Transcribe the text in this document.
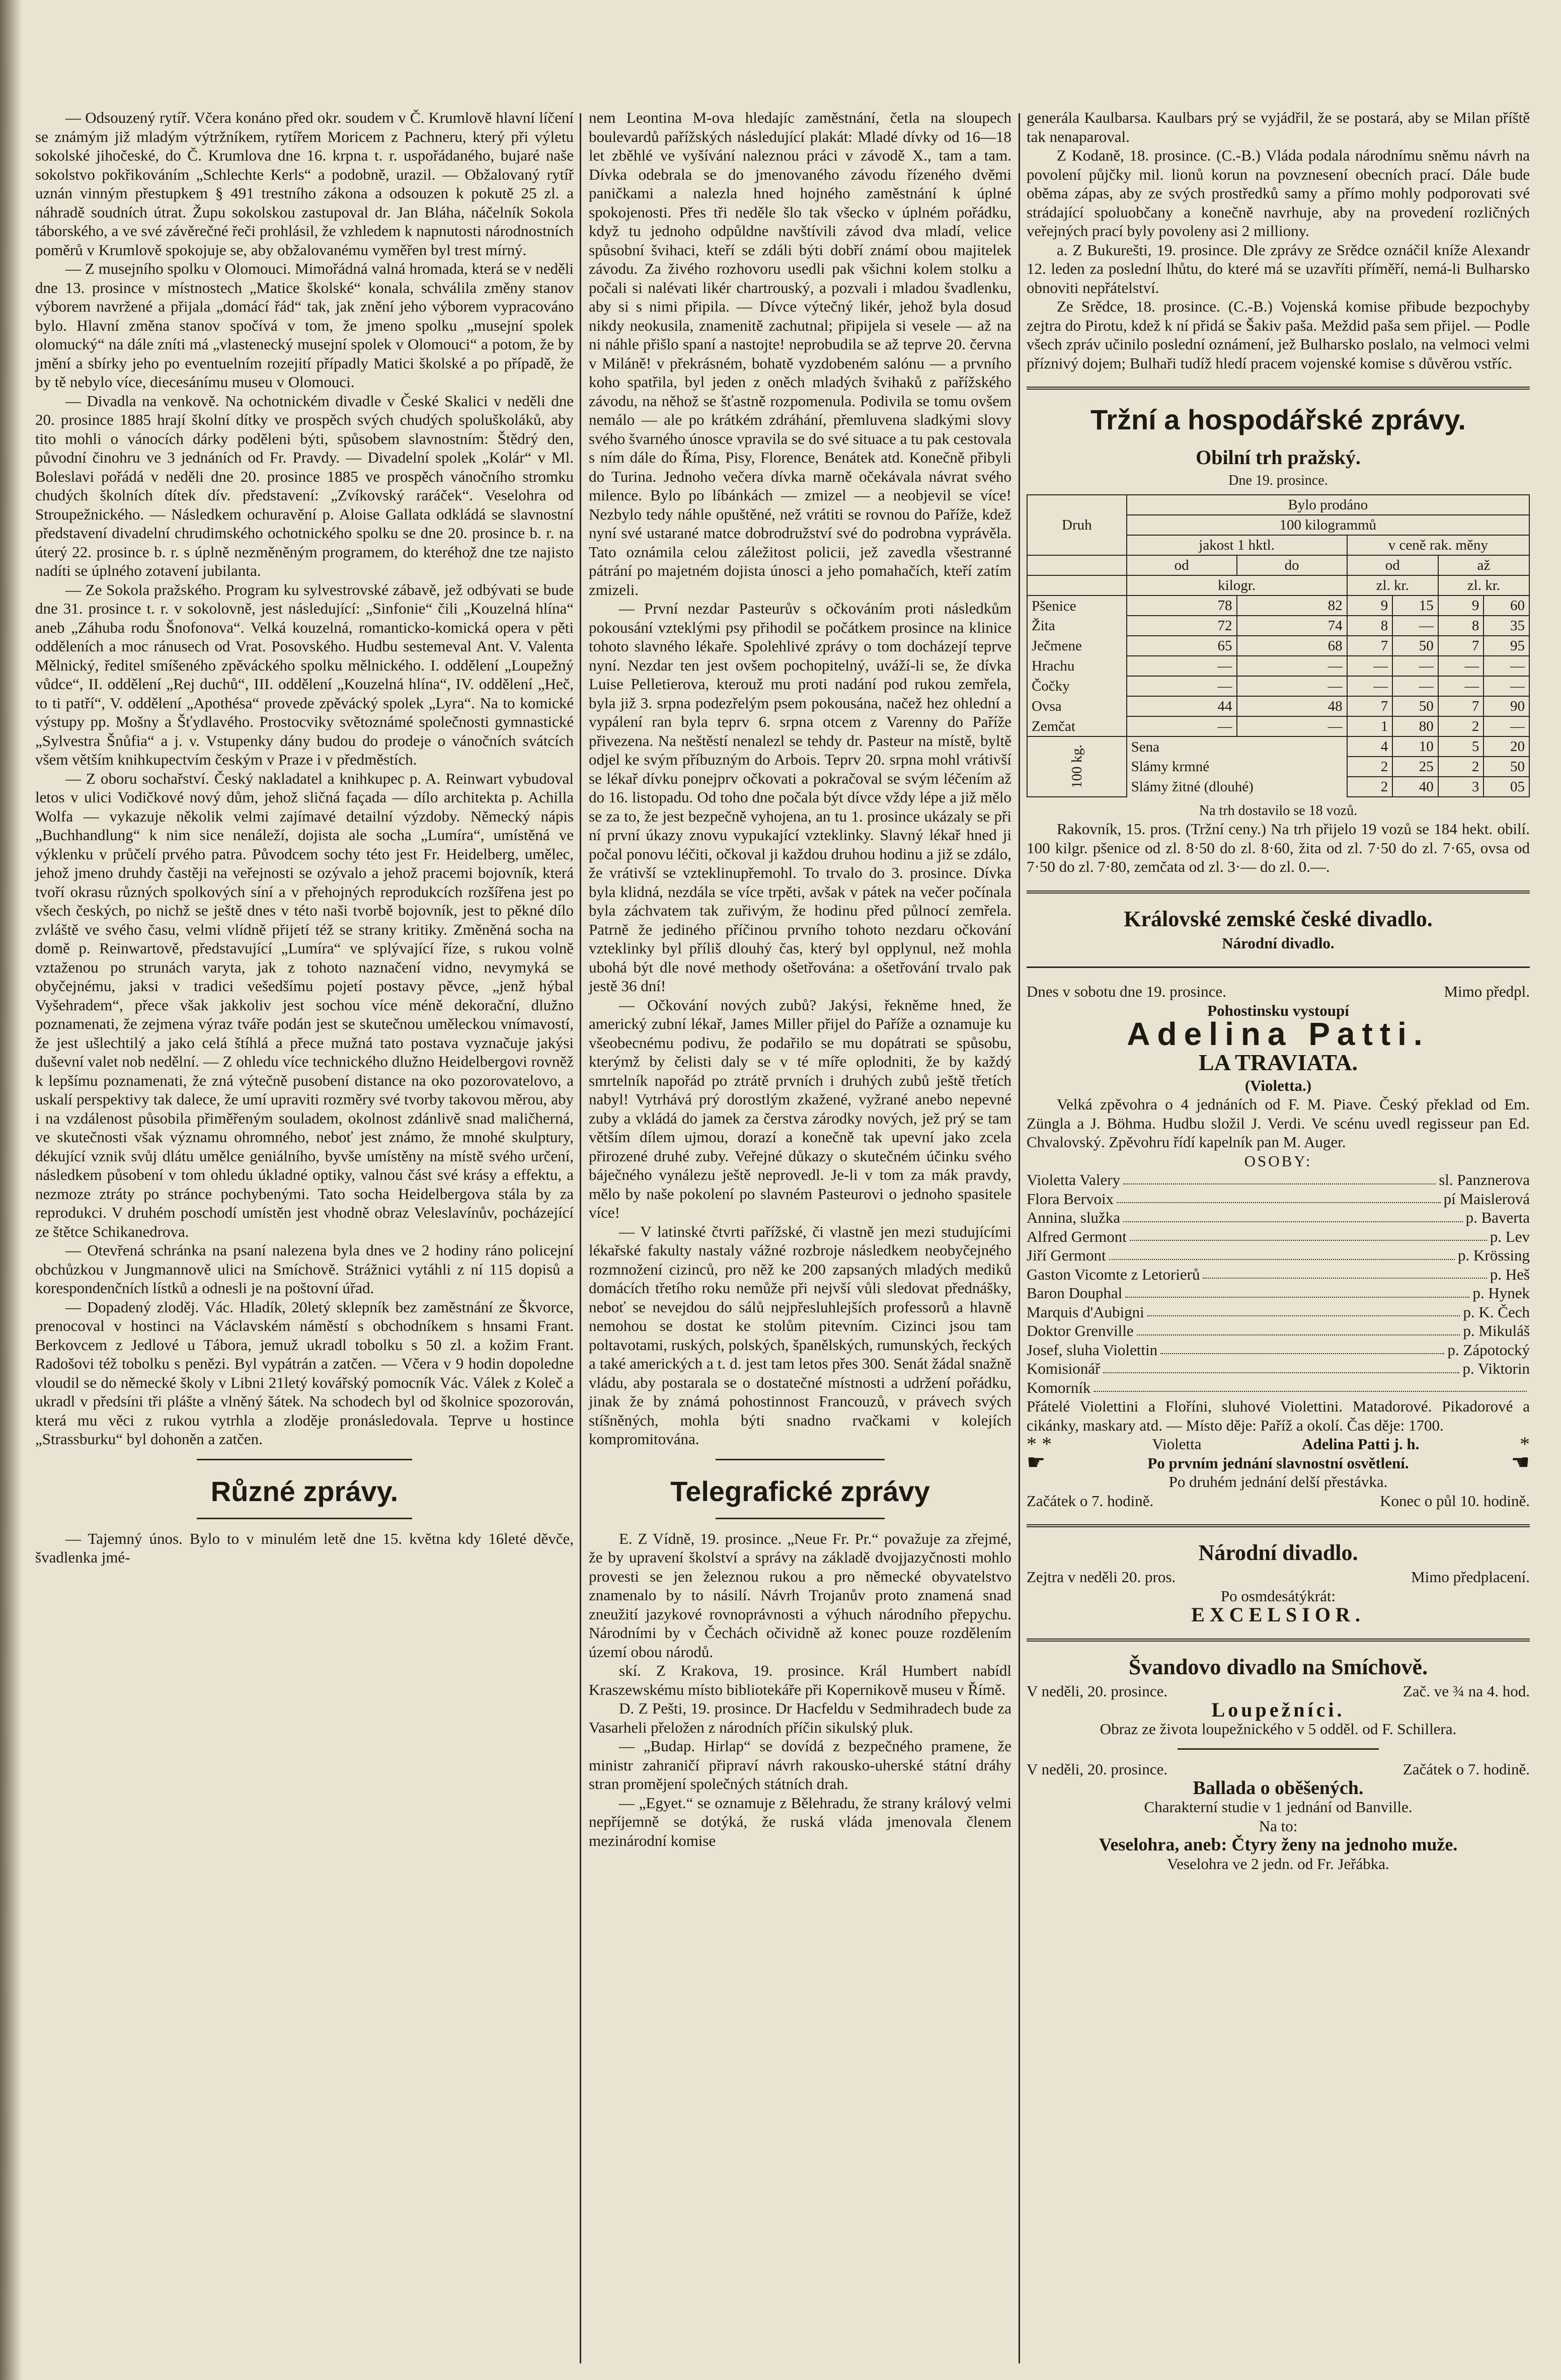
— Odsouzený rytíř. Včera konáno před okr. soudem v Č. Krumlově hlavní líčení se známým již mladým výtržníkem, rytířem Moricem z Pachneru, který při výletu sokolské jihočeské, do Č. Krumlova dne 16. krpna t. r. uspořádaného, bujaré naše sokolstvo pokřikováním „Schlechte Kerls“ a podobně, urazil. — Obžalovaný rytíř uznán vinným přestupkem § 491 trestního zákona a odsouzen k pokutě 25 zl. a náhradě soudních útrat. Župu sokolskou zastupoval dr. Jan Bláha, náčelník Sokola táborského, a ve své závěrečné řeči prohlásil, že vzhledem k napnutosti národnostních poměrů v Krumlově spokojuje se, aby obžalovanému vyměřen byl trest mírný.

— Z musejního spolku v Olomouci. Mimořádná valná hromada, která se v neděli dne 13. prosince v místnostech „Matice školské“ konala, schválila změny stanov výborem navržené a přijala „domácí řád“ tak, jak znění jeho výborem vypracováno bylo. Hlavní změna stanov spočívá v tom, že jmeno spolku „musejní spolek olomucký“ na dále zníti má „vlastenecký musejní spolek v Olomouci“ a potom, že by jmění a sbírky jeho po eventuelním rozejití případly Matici školské a po případě, že by tě nebylo více, diecesánímu museu v Olomouci.

— Divadla na venkově. Na ochotnickém divadle v České Skalici v neděli dne 20. prosince 1885 hrají školní dítky ve prospěch svých chudých spoluškoláků, aby tito mohli o vánocích dárky poděleni býti, spůsobem slavnostním: Štědrý den, původní činohru ve 3 jednáních od Fr. Pravdy. — Divadelní spolek „Kolár“ v Ml. Boleslavi pořádá v neděli dne 20. prosince 1885 ve prospěch vánočního stromku chudých školních dítek dív. představení: „Zvíkovský raráček“. Veselohra od Stroupežnického. — Následkem ochuravění p. Aloise Gallata odkládá se slavnostní představení divadelní chrudimského ochotnického spolku se dne 20. prosince b. r. na úterý 22. prosince b. r. s úplně nezměněným programem, do kterého̜ž dne tze najisto nadíti se úplného zotavení jubilanta.

— Ze Sokola pražského. Program ku sylvestrovské zábavě, jež odbývati se bude dne 31. prosince t. r. v sokolovně, jest následující: „Sinfonie“ čili „Kouzelná hlína“ aneb „Záhuba rodu Šnofonova“. Velká kouzelná, romanticko-komická opera v pěti odděleních a moc ránusech od Vrat. Posovského. Hudbu sestemeval Ant. V. Valenta Mělnický, ředitel smíšeného zpěváckého spolku mělnického. I. oddělení „Loupežný vůdce“, II. oddělení „Rej duchů“, III. oddělení „Kouzelná hlína“, IV. oddělení „Heč, to ti patří“, V. oddělení „Apothésa“ provede zpěvácký spolek „Lyra“. Na to komické výstupy pp. Mošny a Šťydlavého. Prostocviky světoznámé společnosti gymnastické „Sylvestra Šnůfia“ a j. v. Vstupenky dány budou do prodeje o vánočních svátcích všem větším knihkupectvím českým v Praze i v předměstích.

— Z oboru sochařství. Český nakladatel a knihkupec p. A. Reinwart vybudoval letos v ulici Vodičkové nový dům, jehož sličná façada — dílo architekta p. Achilla Wolfa — vykazuje několik velmi zajímavé detailní výzdoby. Německý nápis „Buchhandlung“ k nim sice nenáleží, dojista ale socha „Lumíra“, umístěná ve výklenku v průčelí prvého patra. Původcem sochy této jest Fr. Heidelberg, umělec, jehož jmeno druhdy častěji na veřejnosti se ozývalo a jehož pracemi bojovník, která tvoří okrasu různých spolkových síní a v přehojných reprodukcích rozšířena jest po všech českých, po nichž se ještě dnes v této naši tvorbě bojovník, jest to pěkné dílo zvláště ve svého času, velmi vlídně přijetí též se strany kritiky. Změněná socha na domě p. Reinwartově, představující „Lumíra“ ve splývající říze, s rukou volně vztaženou po strunách varyta, jak z tohoto naznačení vidno, nevymyká se obyčejnému, jaksi v tradici vešedšímu pojetí postavy pěvce, „jenž hýbal Vyšehradem“, přece však jakkoliv jest sochou více méně dekorační, dlužno poznamenati, že zejmena výraz tváře podán jest se skutečnou uměleckou vnímavostí, že jest ušlechtilý a jako celá štíhlá a přece mužná tato postava vyznačuje jakýsi duševní valet nob nedělní. — Z ohledu více technického dlužno Heidelbergovi rovněž k lepšímu poznamenati, že zná výtečně pusobení distance na oko pozorovatelovo, a uskalí perspektivy tak dalece, že umí upraviti rozměry své tvorby takovou měrou, aby i na vzdálenost působila přiměřeným souladem, okolnost zdánlivě snad maličherná, ve skutečnosti však významu ohromného, neboť jest známo, že mnohé skulptury, dékující vznik svůj dlátu umělce geniálního, byvše umístěny na místě svého určení, následkem působení v tom ohledu úkladné optiky, valnou část své krásy a effektu, a nezmoze ztráty po stránce pochybenými. Tato socha Heidelbergova stála by za reprodukci. V druhém poschodí umístěn jest vhodně obraz Veleslavínův, pocházející ze štětce Schikanedrova.

— Otevřená schránka na psaní nalezena byla dnes ve 2 hodiny ráno policejní obchůzkou v Jungmannově ulici na Smíchově. Strážnici vytáhli z ní 115 dopisů a korespondenčních lístků a odnesli je na poštovní úřad.

— Dopadený zloděj. Vác. Hladík, 20letý sklepník bez zaměstnání ze Škvorce, prenocoval v hostinci na Václavském náměstí s obchodníkem s hnsami Frant. Berkovcem z Jedlové u Tábora, jemuž ukradl tobolku s 50 zl. a kožim Frant. Radošovi též tobolku s penězi. Byl vypátrán a zatčen. — Včera v 9 hodin dopoledne vloudil se do německé školy v Libni 21letý kovářský pomocník Vác. Válek z Koleč a ukradl v předsíni tři plášte a vlněný šátek. Na schodech byl od školnice spozorován, která mu věci z rukou vytrhla a zloděje pronásledovala. Teprve u hostince „Strassburku“ byl dohoněn a zatčen.

Různé zprávy.

— Tajemný únos. Bylo to v minulém letě dne 15. května kdy 16leté děvče, švadlenka jmé-

nem Leontina M-ova hledajíc zaměstnání, četla na sloupech boulevardů pařížských následující plakát: Mladé dívky od 16—18 let zběhlé ve vyšívání naleznou práci v závodě X., tam a tam. Dívka odebrala se do jmenovaného závodu řízeného dvěmi paničkami a nalezla hned hojného zaměstnání k úplné spokojenosti. Přes tři neděle šlo tak všecko v úplném pořádku, když tu jednoho odpůldne navštívili závod dva mladí, velice spůsobní švihaci, kteří se zdáli býti dobří známí obou majitelek závodu. Za živého rozhovoru usedli pak všichni kolem stolku a počali si nalévati likér chartrouský, a pozvali i mladou švadlenku, aby si s nimi připila. — Dívce výtečný likér, jehož byla dosud nikdy neokusila, znamenitě zachutnal; připijela si vesele — až na ni náhle přišlo spaní a nastojte! neprobudila se až teprve 20. června v Miláně! v překrásném, bohatě vyzdobeném salónu — a prvního koho spatřila, byl jeden z oněch mladých švihaků z pařížského závodu, na něhož se šťastně rozpomenula. Podivila se tomu ovšem nemálo — ale po krátkém zdráhání, přemluvena sladkými slovy svého švarného únosce vpravila se do své situace a tu pak cestovala s ním dále do Říma, Pisy, Florence, Benátek atd. Konečně přibyli do Turina. Jednoho večera dívka marně očekávala návrat svého milence. Bylo po líbánkách — zmizel — a neobjevil se více! Nezbylo tedy náhle opuštěné, než vrátiti se rovnou do Paříže, kdež nyní své ustarané matce dobrodružství své do podrobna vyprávěla. Tato oznámila celou záležitost policii, jež zavedla všestranné pátrání po majetném dojista únosci a jeho pomahačích, kteří zatím zmizeli.

— První nezdar Pasteurův s očkováním proti následkům pokousání vzteklými psy přihodil se počátkem prosince na klinice tohoto slavného lékaře. Spolehlivé zprávy o tom docházejí teprve nyní. Nezdar ten jest ovšem pochopitelný, uváží-li se, že dívka Luise Pelletierova, kterouž mu proti nadání pod rukou zemřela, byla již 3. srpna podezřelým psem pokousána, načež hez ohlední a vypálení ran byla teprv 6. srpna otcem z Varenny do Paříže přivezena. Na neštěstí nenalezl se tehdy dr. Pasteur na místě, byltě odjel ke svým příbuzným do Arbois. Teprv 20. srpna mohl vrátivší se lékař dívku ponejprv očkovati a pokračoval se svým léčením až do 16. listopadu. Od toho dne počala být dívce vždy lépe a již mělo se za to, že jest bezpečně vyhojena, an tu 1. prosince ukázaly se při ní první úkazy znovu vypukající vzteklinky. Slavný lékař hned ji počal ponovu léčiti, očkoval ji každou druhou hodinu a již se zdálo, že vrátivší se vzteklinupřemohl. To trvalo do 3. prosince. Dívka byla klidná, nezdála se více trpěti, avšak v pátek na večer počínala byla záchvatem tak zuřivým, že hodinu před půlnocí zemřela. Patrně že jediného příčinou prvního tohoto nezdaru očkování vzteklinky byl příliš dlouhý čas, který byl opplynul, než mohla ubohá být dle nové methody ošetřována: a ošetřování trvalo pak jestě 36 dní!

— Očkování nových zubů? Jakýsi, řekněme hned, že americký zubní lékař, James Miller přijel do Paříže a oznamuje ku všeobecnému podivu, že podařilo se mu dopátrati se spůsobu, kterýmž by čelisti daly se v té míře oplodniti, že by každý smrtelník napořád po ztrátě prvních i druhých zubů ještě třetích nabyl! Vytrhává prý dorostlým zkažené, vyžrané anebo nepevné zuby a vkládá do jamek za čerstva zárodky nových, jež prý se tam větším dílem ujmou, dorazí a konečně tak upevní jako zcela přirozené druhé zuby. Veřejné důkazy o skutečném účinku svého báječného vynálezu ještě neprovedl. Je-li v tom za mák pravdy, mělo by naše pokolení po slavném Pasteurovi o jednoho spasitele více!

— V latinské čtvrti pařížské, či vlastně jen mezi studujícími lékařské fakulty nastaly vážné rozbroje následkem neobyčejného rozmnožení cizinců, pro něž ke 200 zapsaných mladých mediků domácích třetího roku nemůže při nejvší vůli sledovat přednášky, neboť se nevejdou do sálů nejpřesluhlejších professorů a hlavně nemohou se dostat ke stolům pitevním. Cizinci jsou tam poltavotami, ruských, polských, španělských, rumunských, řeckých a také amerických a t. d. jest tam letos přes 300. Senát žádal snažně vládu, aby postarala se o dostatečné místnosti a udržení pořádku, jinak že by známá pohostinnost Francouzů, v právech svých stíšněných, mohla býti snadno rvačkami v kolejích kompromitována.

Telegrafické zprávy

E. Z Vídně, 19. prosince. „Neue Fr. Pr.“ považuje za zřejmé, že by upravení školství a správy na základě dvojjazyčnosti mohlo provesti se jen železnou rukou a pro německé obyvatelstvo znamenalo by to násilí. Návrh Trojanův proto znamená snad zneužití jazykové rovnoprávnosti a výhuch národního přepychu. Národními by v Čechách očividně až konec pouze rozdělením území obou národů.

skí. Z Krakova, 19. prosince. Král Humbert nabídl Kraszewskému místo bibliotekáře při Kopernikově museu v Římě.

D. Z Pešti, 19. prosince. Dr Hacfeldu v Sedmihradech bude za Vasarheli přeložen z národních příčin sikulský pluk.

— „Budap. Hirlap“ se dovídá z bezpečného pramene, že ministr zahraničí připraví návrh rakousko-uherské státní dráhy stran promějení společných státních drah.

— „Egyet.“ se oznamuje z Bělehradu, že strany králový velmi nepříjemně se dotýká, že ruská vláda jmenovala členem mezinárodní komise

generála Kaulbarsa. Kaulbars prý se vyjádřil, že se postará, aby se Milan příště tak nenaparoval.

Z Kodaně, 18. prosince. (C.-B.) Vláda podala národnímu sněmu návrh na povolení půjčky mil. lionů korun na povznesení obecních prací. Dále bude oběma zápas, aby ze svých prostředků samy a přímo mohly podporovati své strádající spoluobčany a konečně navrhuje, aby na provedení rozličných veřejných prací byly povoleny asi 2 milliony.

a. Z Bukurešti, 19. prosince. Dle zprávy ze Srědce oznáčil kníže Alexandr 12. leden za poslední lhůtu, do které má se uzavříti příměří, nemá-li Bulharsko obnoviti nepřátelství.

Ze Srědce, 18. prosince. (C.-B.) Vojenská komise přibude bezpochyby zejtra do Pirotu, kdež k ní přidá se Šakiv paša. Meždid paša sem přijel. — Podle všech zpráv učinilo poslední oznámení, jež Bulharsko poslalo, na velmoci velmi příznivý dojem; Bulhaři tudíž hledí pracem vojenské komise s důvěrou vstříc.

Tržní a hospodářské zprávy.
Obilní trh pražský.
Dne 19. prosince.
Druh	Bylo prodáno					
	100 kilogrammů					
	jakost 1 hktl.		v ceně rak. měny			
	od	do	od		až	
	kilogr.		zl. kr.		zl. kr.	
Pšenice	78	82	9	15	9	60
Žita	72	74	8	—	8	35
Ječmene	65	68	7	50	7	95
Hrachu	—	—	—	—	—	—
Čočky	—	—	—	—	—	—
Ovsa	44	48	7	50	7	90
Zemčat	—	—	1	80	2	—
100 kg.	Sena		4	10	5	20
	Slámy krmné		2	25	2	50
	Slámy žitné (dlouhé)		2	40	3	05
Na trh dostavilo se 18 vozů.

Rakovník, 15. pros. (Tržní ceny.) Na trh přijelo 19 vozů se 184 hekt. obilí. 100 kilgr. pšenice od zl. 8·50 do zl. 8·60, žita od zl. 7·50 do zl. 7·65, ovsa od 7·50 do zl. 7·80, zemčata od zl. 3·— do zl. 0.—.

Královské zemské české divadlo.
Národní divadlo.
Dnes v sobotu dne 19. prosince.	Mimo předpl.
Pohostinsku vystoupí
Adelina Patti.
LA TRAVIATA.
(Violetta.)

Velká zpěvohra o 4 jednáních od F. M. Piave. Český překlad od Em. Züngla a J. Böhma. Hudbu složil J. Verdi. Ve scénu uvedl regisseur pan Ed. Chvalovský. Zpěvohru řídí kapelník pan M. Auger.

OSOBY:
Violetta Valery	sl. Panznerova
Flora Bervoix	pí Maislerová
Annina, služka	p. Baverta
Alfred Germont	p. Lev
Jiří Germont	p. Krössing
Gaston Vicomte z Letorierů	p. Heš
Baron Douphal	p. Hynek
Marquis d'Aubigni	p. K. Čech
Doktor Grenville	p. Mikuláš
Josef, sluha Violettin	p. Zápotocký
Komisionář	p. Viktorin
Komorník

Přátelé Violettini a Floříni, sluhové Violettini. Matadorové. Pikadorové a cikánky, maskary atd. — Místo děje: Paříž a okolí. Čas děje: 1700.

* *	Violetta	Adelina Patti j. h.	*
☛	Po prvním jednání slavnostní osvětlení.	☚
Po druhém jednání delší přestávka.
Začátek o 7. hodině.	Konec o půl 10. hodině.
Národní divadlo.
Zejtra v neděli 20. pros.	Mimo předplacení.
Po osmdesátýkrát:
EXCELSIOR.
Švandovo divadlo na Smíchově.
V neděli, 20. prosince.	Zač. ve ¾ na 4. hod.
Loupežníci.
Obraz ze života loupežnického v 5 odděl. od F. Schillera.
V neděli, 20. prosince.	Začátek o 7. hodině.
Ballada o oběšených.
Charakterní studie v 1 jednání od Banville.
Na to:
Veselohra, aneb: Čtyry ženy na jednoho muže.
Veselohra ve 2 jedn. od Fr. Jeřábka.
